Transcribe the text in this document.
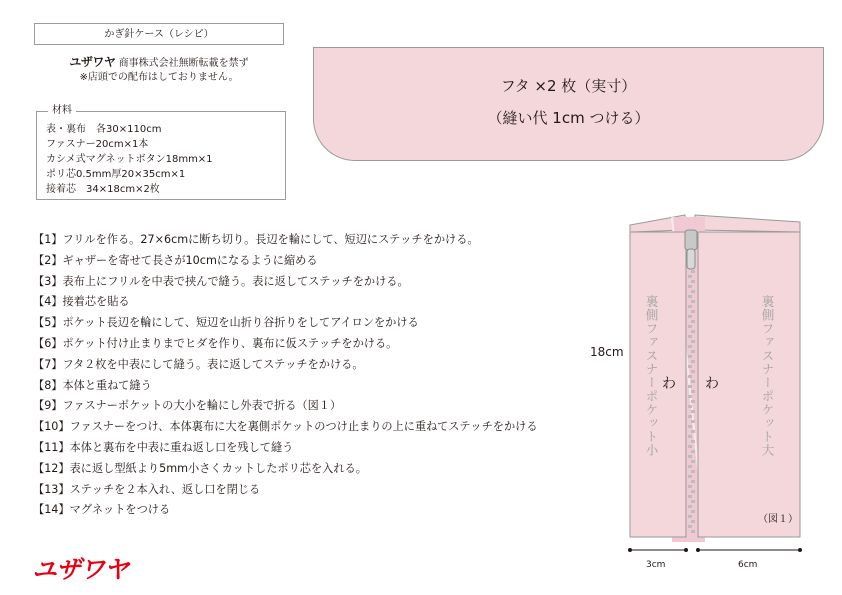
かぎ針ケース（レシピ）
ユザワヤ 商事株式会社無断転載を禁ず
※店頭での配布はしておりません。
材料
表・裏布　各30×110cm
ファスナー20cm×1本
カシメ式マグネットボタン18mm×1
ポリ芯0.5mm厚20×35cm×1
接着芯　34×18cm×2枚
フタ ×2 枚（実寸）
（縫い代 1cm つける）
【1】フリルを作る。27×6cmに断ち切り。長辺を輪にして、短辺にステッチをかける。
【2】ギャザーを寄せて長さが10cmになるように縮める
【3】表布上にフリルを中表で挟んで縫う。表に返してステッチをかける。
【4】接着芯を貼る
【5】ポケット長辺を輪にして、短辺を山折り谷折りをしてアイロンをかける
【6】ポケット付け止まりまでヒダを作り、裏布に仮ステッチをかける。
【7】フタ２枚を中表にして縫う。表に返してステッチをかける。
【8】本体と重ねて縫う
【9】ファスナーポケットの大小を輪にし外表で折る（図１）
【10】ファスナーをつけ、本体裏布に大を裏側ポケットのつけ止まりの上に重ねてステッチをかける
【11】本体と裏布を中表に重ね返し口を残して縫う
【12】表に返し型紙より5mm小さくカットしたポリ芯を入れる。
【13】ステッチを２本入れ、返し口を閉じる
【14】マグネットをつける
ユザワヤ
18cm 裏側ファスナーポケット小	裏側ファスナーポケット大
わ わ
（図１）
3cm	6cm
